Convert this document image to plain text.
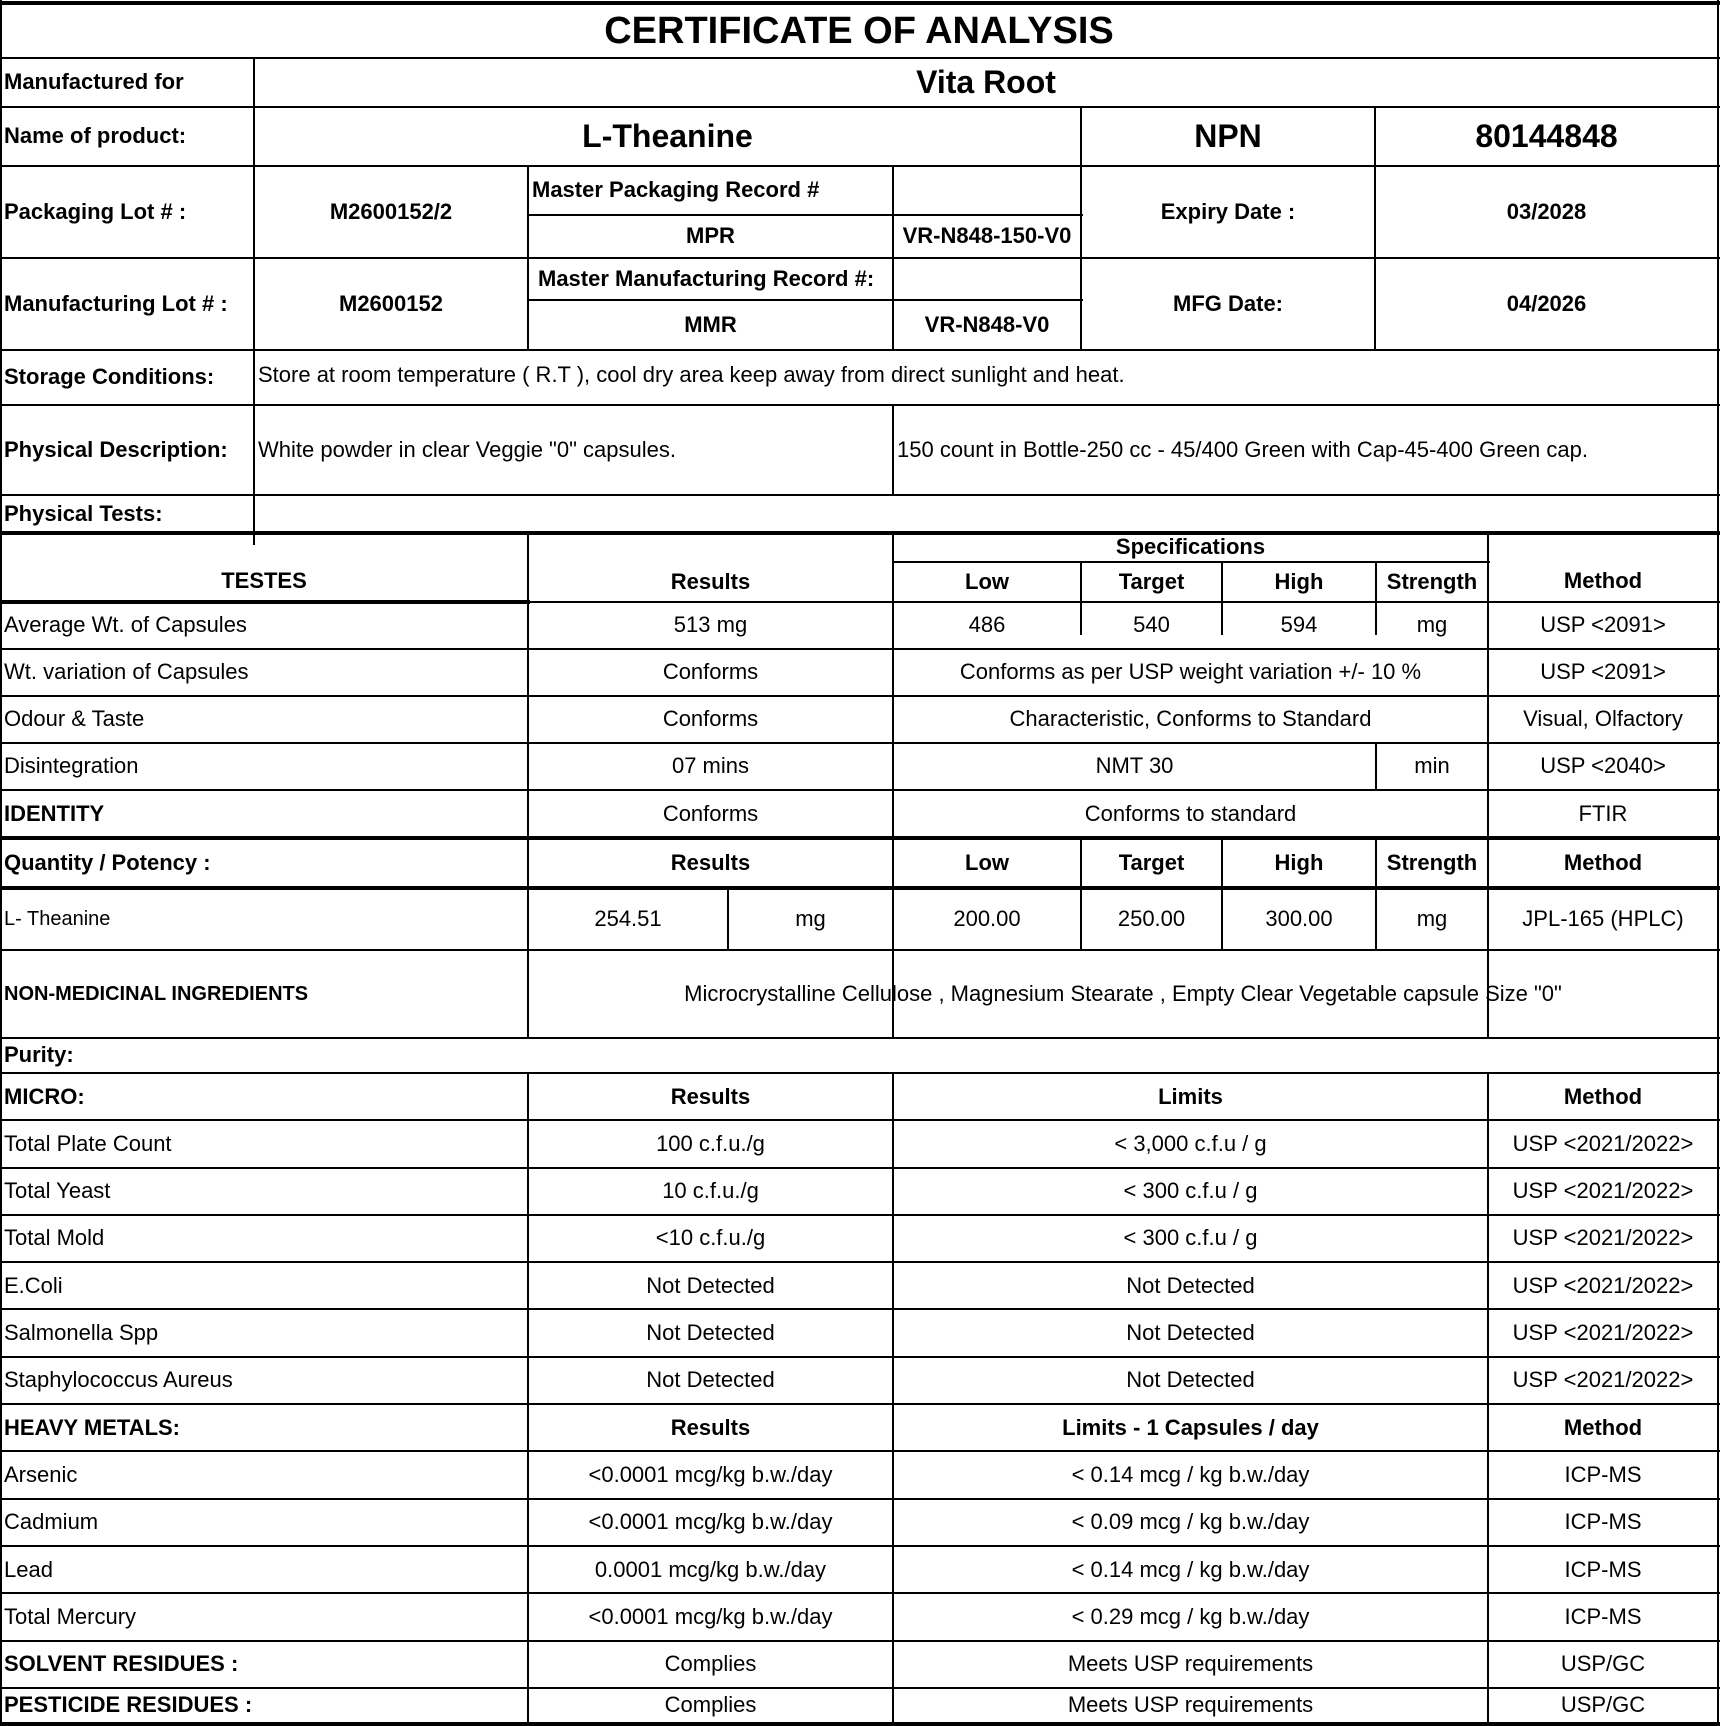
CERTIFICATE OF ANALYSIS
Manufactured for	Vita Root
Name of product:	L-Theanine	NPN	80144848
Packaging Lot # :	M2600152/2
Master Packaging Record #
MPR	VR-N848-150-V0
Expiry Date :	03/2028
Manufacturing Lot # :	M2600152
Master Manufacturing Record #:
MMR	VR-N848-V0
MFG Date:	04/2026
Storage Conditions:	Store at room temperature ( R.T ), cool dry area keep away from direct sunlight and heat.
Physical Description:	White powder in clear Veggie "0" capsules.	150 count in Bottle-250 cc - 45/400 Green with Cap-45-400 Green cap.
Physical Tests:
Specifications
TESTES	Results	Low	Target	High	Strength	Method
Average Wt. of Capsules	513 mg	486	540	594	mg	USP <2091>
Wt. variation of Capsules	Conforms	Conforms as per USP weight variation +/- 10 %	USP <2091>
Odour & Taste	Conforms	Characteristic, Conforms to Standard	Visual, Olfactory
Disintegration	07 mins	NMT 30	min	USP <2040>
IDENTITY	Conforms	Conforms to standard	FTIR
Quantity / Potency :	Results	Low	Target	High	Strength	Method
L- Theanine	254.51	mg	200.00	250.00	300.00	mg	JPL-165 (HPLC)
NON-MEDICINAL INGREDIENTS	Microcrystalline Cellulose , Magnesium Stearate , Empty Clear Vegetable capsule Size "0"
Purity:
MICRO:	Results	Limits	Method
Total Plate Count	100 c.f.u./g	< 3,000 c.f.u / g	USP <2021/2022>
Total Yeast	10 c.f.u./g	< 300 c.f.u / g	USP <2021/2022>
Total Mold	<10 c.f.u./g	< 300 c.f.u / g	USP <2021/2022>
E.Coli	Not Detected	Not Detected	USP <2021/2022>
Salmonella Spp	Not Detected	Not Detected	USP <2021/2022>
Staphylococcus Aureus	Not Detected	Not Detected	USP <2021/2022>
HEAVY METALS:	Results	Limits - 1 Capsules / day	Method
Arsenic	<0.0001 mcg/kg b.w./day	< 0.14 mcg / kg b.w./day	ICP-MS
Cadmium	<0.0001 mcg/kg b.w./day	< 0.09 mcg / kg b.w./day	ICP-MS
Lead	0.0001 mcg/kg b.w./day	< 0.14 mcg / kg b.w./day	ICP-MS
Total Mercury	<0.0001 mcg/kg b.w./day	< 0.29 mcg / kg b.w./day	ICP-MS
SOLVENT RESIDUES :	Complies	Meets USP requirements	USP/GC
PESTICIDE RESIDUES :	Complies	Meets USP requirements	USP/GC
